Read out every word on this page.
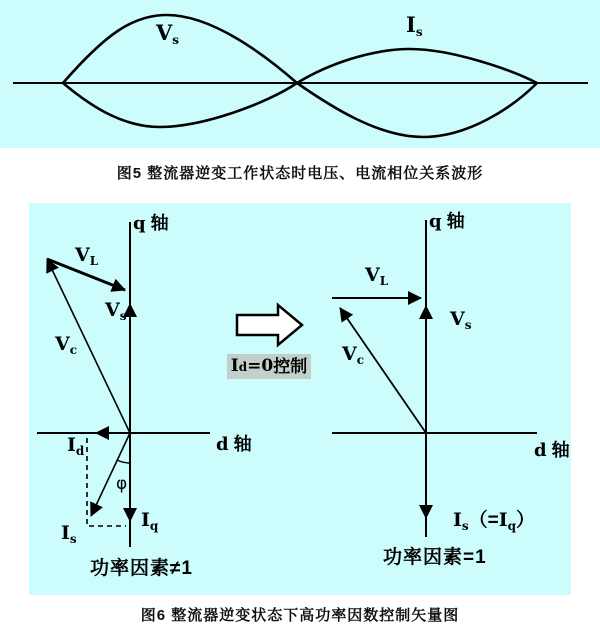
$V_s$
$I_s$
图5 整流器逆变工作状态时电压、电流相位关系波形
q 轴
d 轴
$V_L$
$V_s$
$V_c$
$I_d$
φ
$I_s$
$I_q$
功率因素≠1
I d =0 控制
q 轴
d 轴
$V_L$
$V_s$
$V_c$
$I_s(=I_q)$
功率因素=1
图6 整流器逆变状态下高功率因数控制矢量图
